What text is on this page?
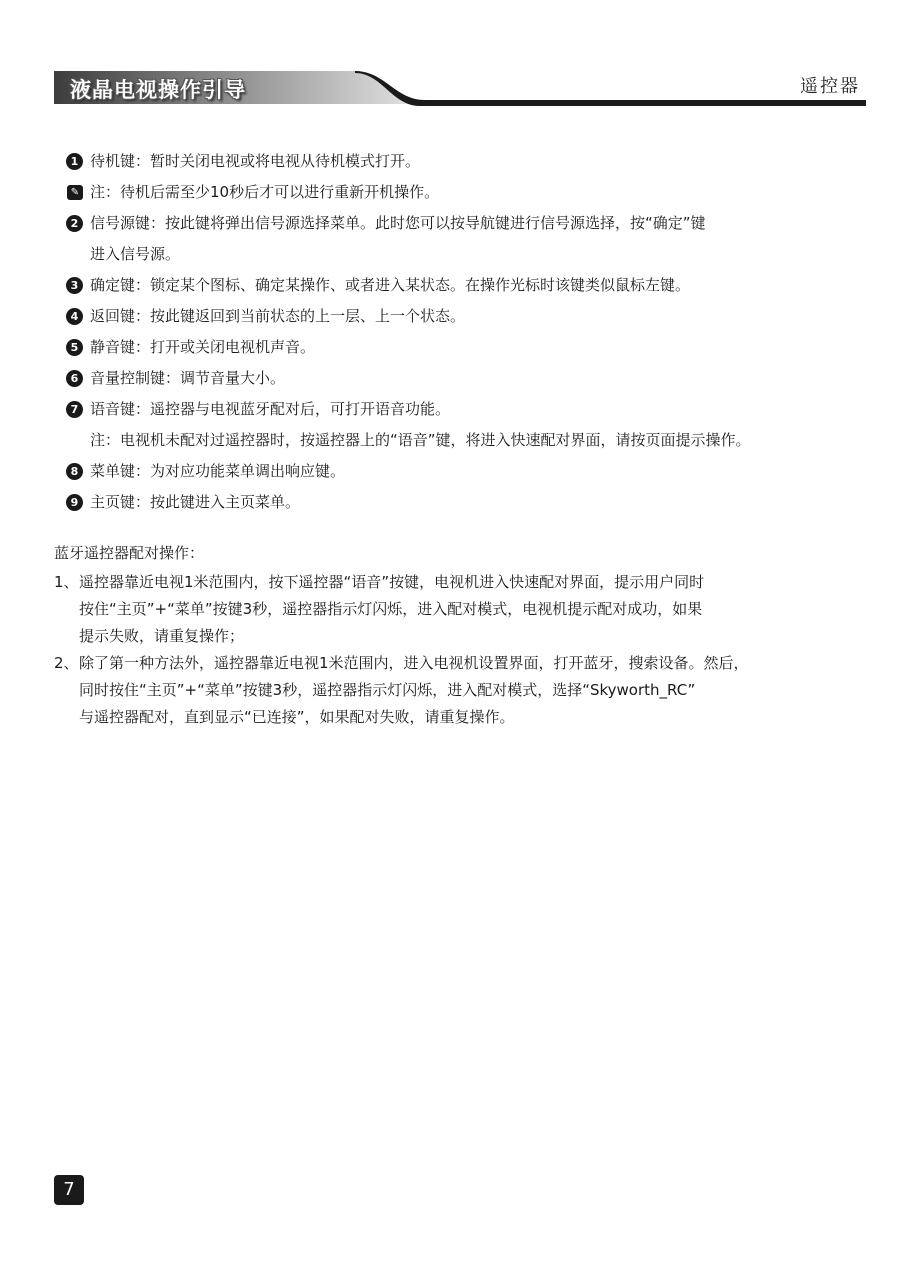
液晶电视操作引导	遥控器
1 待机键：暂时关闭电视或将电视从待机模式打开。
✎ 注：待机后需至少10秒后才可以进行重新开机操作。
2 信号源键：按此键将弹出信号源选择菜单。此时您可以按导航键进行信号源选择，按“确定”键
进入信号源。
3 确定键：锁定某个图标、确定某操作、或者进入某状态。在操作光标时该键类似鼠标左键。
4 返回键：按此键返回到当前状态的上一层、上一个状态。
5 静音键：打开或关闭电视机声音。
6 音量控制键：调节音量大小。
7 语音键：遥控器与电视蓝牙配对后，可打开语音功能。
注：电视机未配对过遥控器时，按遥控器上的“语音”键，将进入快速配对界面，请按页面提示操作。
8 菜单键：为对应功能菜单调出响应键。
9 主页键：按此键进入主页菜单。
蓝牙遥控器配对操作：
1、 遥控器靠近电视1米范围内，按下遥控器“语音”按键，电视机进入快速配对界面，提示用户同时
按住“主页”+“菜单”按键3秒，遥控器指示灯闪烁，进入配对模式，电视机提示配对成功，如果
提示失败，请重复操作；
2、 除了第一种方法外，遥控器靠近电视1米范围内，进入电视机设置界面，打开蓝牙，搜索设备。然后，
同时按住“主页”+“菜单”按键3秒，遥控器指示灯闪烁，进入配对模式，选择“Skyworth_RC”
与遥控器配对，直到显示“已连接”，如果配对失败，请重复操作。
7
